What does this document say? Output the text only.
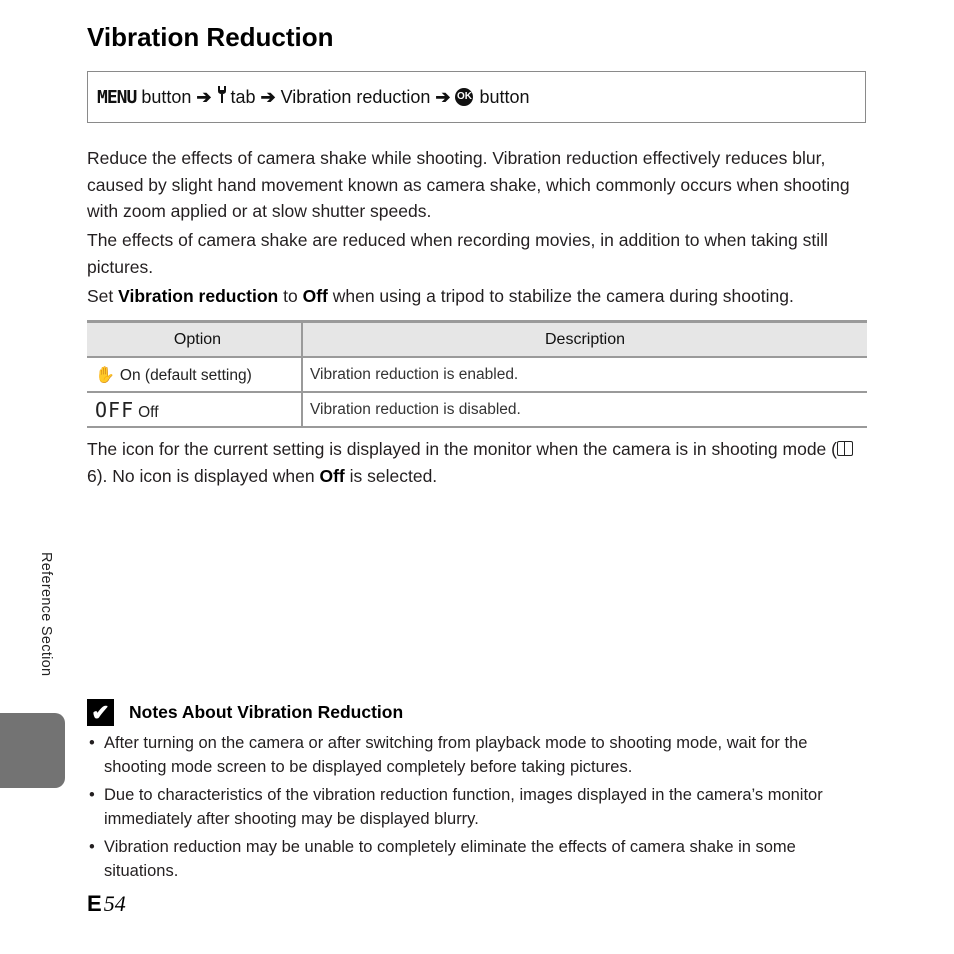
Vibration Reduction
MENU button ➔ tab ➔ Vibration reduction ➔ OK button

Reduce the effects of camera shake while shooting. Vibration reduction effectively reduces blur, caused by slight hand movement known as camera shake, which commonly occurs when shooting with zoom applied or at slow shutter speeds.

The effects of camera shake are reduced when recording movies, in addition to when taking still pictures.

Set Vibration reduction to Off when using a tripod to stabilize the camera during shooting.

Option	Description
✋ On (default setting)	Vibration reduction is enabled.
OFF Off	Vibration reduction is disabled.

The icon for the current setting is displayed in the monitor when the camera is in shooting mode ( 6). No icon is displayed when Off is selected.

Reference Section
✔ Notes About Vibration Reduction
• After turning on the camera or after switching from playback mode to shooting mode, wait for the shooting mode screen to be displayed completely before taking pictures.
• Due to characteristics of the vibration reduction function, images displayed in the camera’s monitor immediately after shooting may be displayed blurry.
• Vibration reduction may be unable to completely eliminate the effects of camera shake in some situations.
E 54
